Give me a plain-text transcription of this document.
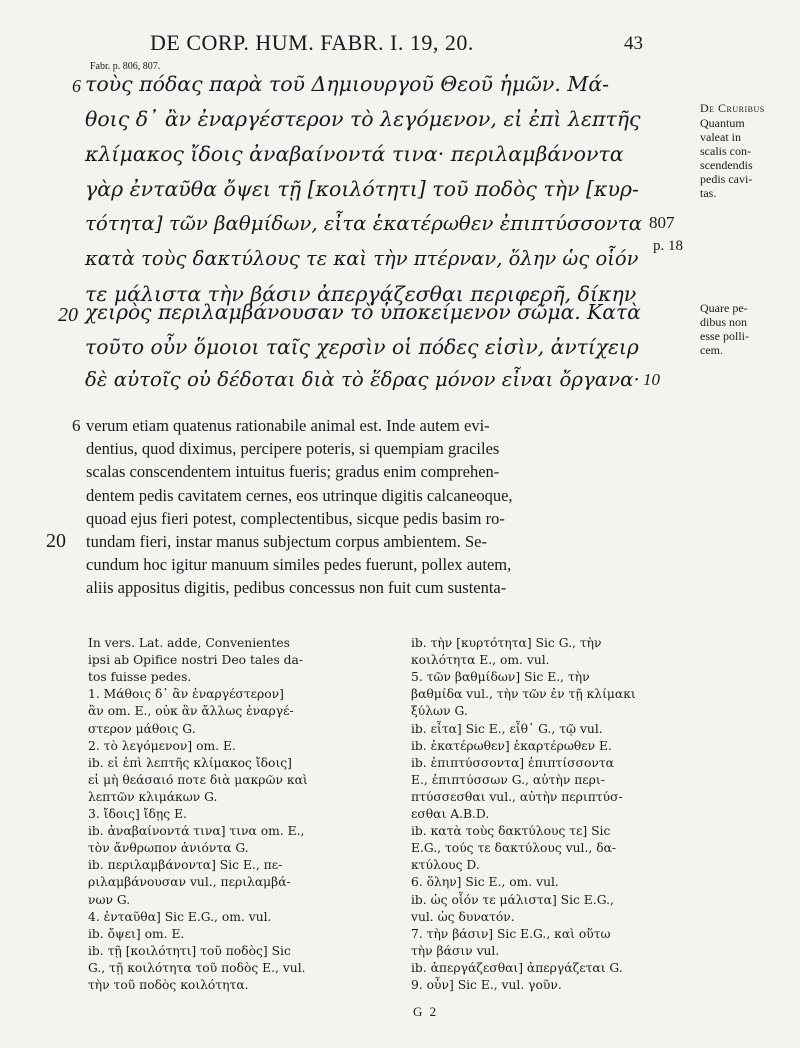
DE CORP. HUM. FABR. I. 19, 20.	43
Fabr. p. 806, 807.
6 τοὺς πόδας παρὰ τοῦ Δημιουργοῦ Θεοῦ ἡμῶν. Μά-
θοις δ᾽ ἂν ἐναργέστερον τὸ λεγόμενον, εἰ ἐπὶ λεπτῆς
κλίμακος ἴδοις ἀναβαίνοντά τινα· περιλαμβάνοντα
γὰρ ἐνταῦθα ὄψει τῇ [κοιλότητι] τοῦ ποδὸς τὴν [κυρ-
τότητα] τῶν βαθμίδων, εἶτα ἑκατέρωθεν ἐπιπτύσσοντα
κατὰ τοὺς δακτύλους τε καὶ τὴν πτέρναν, ὅλην ὡς οἷόν
τε μάλιστα τὴν βάσιν ἀπεργάζεσθαι περιφερῆ, δίκην
20 χειρὸς περιλαμβάνουσαν τὸ ὑποκείμενον σῶμα. Κατὰ
τοῦτο οὖν ὅμοιοι ταῖς χερσὶν οἱ πόδες εἰσὶν, ἀντίχειρ
δὲ αὐτοῖς οὐ δέδοται διὰ τὸ ἕδρας μόνον εἶναι ὄργανα· 10
807
p. 18
De Cruribus
Quantum
valeat in
scalis con-
scendendis
pedis cavi-
tas.
Quare pe-
dibus non
esse polli-
cem.
6 verum etiam quatenus rationabile animal est. Inde autem evi-
dentius, quod diximus, percipere poteris, si quempiam graciles
scalas conscendentem intuitus fueris; gradus enim comprehen-
dentem pedis cavitatem cernes, eos utrinque digitis calcaneoque,
quoad ejus fieri potest, complectentibus, sicque pedis basim ro-
20 tundam fieri, instar manus subjectum corpus ambientem. Se-
cundum hoc igitur manuum similes pedes fuerunt, pollex autem,
aliis appositus digitis, pedibus concessus non fuit cum sustenta-
In vers. Lat. adde, Convenientes
ipsi ab Opifice nostri Deo tales da-
tos fuisse pedes.
1. Μάθοις δ᾽ ἂν ἐναργέστερον]
ἂν om. E., οὐκ ἂν ἄλλως ἐναργέ-
στερον μάθοις G.
2. τὸ λεγόμενον] om. E.
ib. εἰ ἐπὶ λεπτῆς κλίμακος ἴδοις]
εἰ μὴ θεάσαιό ποτε διὰ μακρῶν καὶ
λεπτῶν κλιμάκων G.
3. ἴδοις] ἴδῃς E.
ib. ἀναβαίνοντά τινα] τινα om. E.,
τὸν ἄνθρωπον ἀνιόντα G.
ib. περιλαμβάνοντα] Sic E., πε-
ριλαμβάνουσαν vul., περιλαμβά-
νων G.
4. ἐνταῦθα] Sic E.G., om. vul.
ib. ὄψει] om. E.
ib. τῇ [κοιλότητι] τοῦ ποδὸς] Sic
G., τῇ κοιλότητα τοῦ ποδὸς E., vul.
τὴν τοῦ ποδὸς κοιλότητα.
ib. τὴν [κυρτότητα] Sic G., τὴν
κοιλότητα E., om. vul.
5. τῶν βαθμίδων] Sic E., τὴν
βαθμίδα vul., τὴν τῶν ἐν τῇ κλίμακι
ξύλων G.
ib. εἶτα] Sic E., εἶθ᾽ G., τῷ vul.
ib. ἑκατέρωθεν] ἑκαρτέρωθεν E.
ib. ἐπιπτύσσοντα] ἐπιπτίσσοντα
E., ἐπιπτύσσων G., αὐτὴν περι-
πτύσσεσθαι vul., αὐτὴν περιπτύσ-
εσθαι A.B.D.
ib. κατὰ τοὺς δακτύλους τε] Sic
E.G., τούς τε δακτύλους vul., δα-
κτύλους D.
6. ὅλην] Sic E., om. vul.
ib. ὡς οἷόν τε μάλιστα] Sic E.G.,
vul. ὡς δυνατόν.
7. τὴν βάσιν] Sic E.G., καὶ οὕτω
τὴν βάσιν vul.
ib. ἀπεργάζεσθαι] ἀπεργάζεται G.
9. οὖν] Sic E., vul. γοῦν.
G 2
